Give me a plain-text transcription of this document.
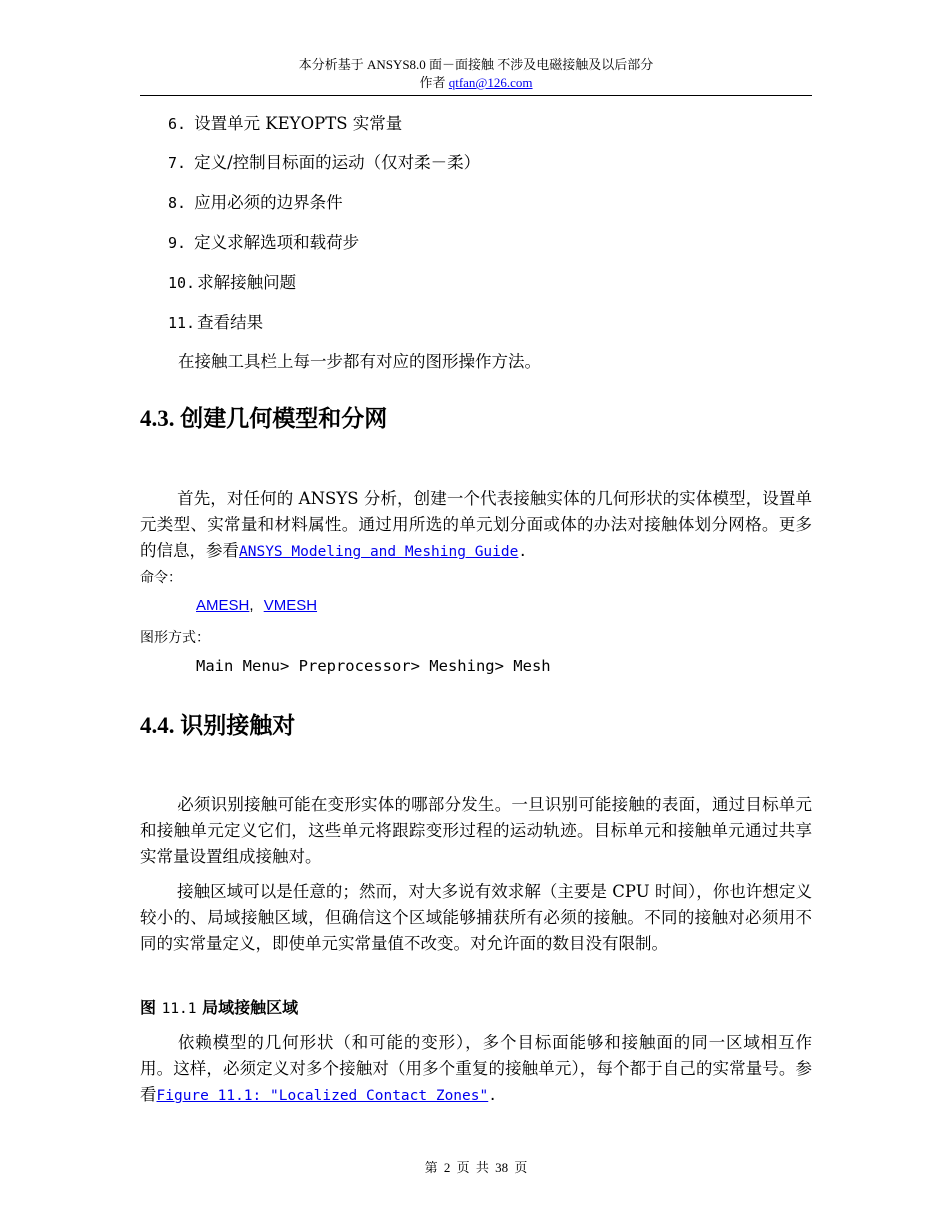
本分析基于 ANSYS8.0 面－面接触 不涉及电磁接触及以后部分
作者 qtfan@126.com
6. 设置单元 KEYOPTS 实常量
7. 定义/控制目标面的运动（仅对柔－柔）
8. 应用必须的边界条件
9. 定义求解选项和载荷步
10. 求解接触问题
11. 查看结果
在接触工具栏上每一步都有对应的图形操作方法。
4.3. 创建几何模型和分网
首先，对任何的 ANSYS 分析，创建一个代表接触实体的几何形状的实体模型，设置单元类型、实常量和材料属性。通过用所选的单元划分面或体的办法对接触体划分网格。更多的信息，参看ANSYS Modeling and Meshing Guide.
命令：
AMESH, VMESH
图形方式：
Main Menu> Preprocessor> Meshing> Mesh
4.4. 识别接触对
必须识别接触可能在变形实体的哪部分发生。一旦识别可能接触的表面，通过目标单元和接触单元定义它们，这些单元将跟踪变形过程的运动轨迹。目标单元和接触单元通过共享实常量设置组成接触对。
接触区域可以是任意的；然而，对大多说有效求解（主要是 CPU 时间），你也许想定义较小的、局域接触区域，但确信这个区域能够捕获所有必须的接触。不同的接触对必须用不同的实常量定义，即使单元实常量值不改变。对允许面的数目没有限制。
图 11.1 局域接触区域
依赖模型的几何形状（和可能的变形），多个目标面能够和接触面的同一区域相互作用。这样，必须定义对多个接触对（用多个重复的接触单元），每个都于自己的实常量号。参看Figure 11.1: "Localized Contact Zones".
第 2 页 共 38 页
